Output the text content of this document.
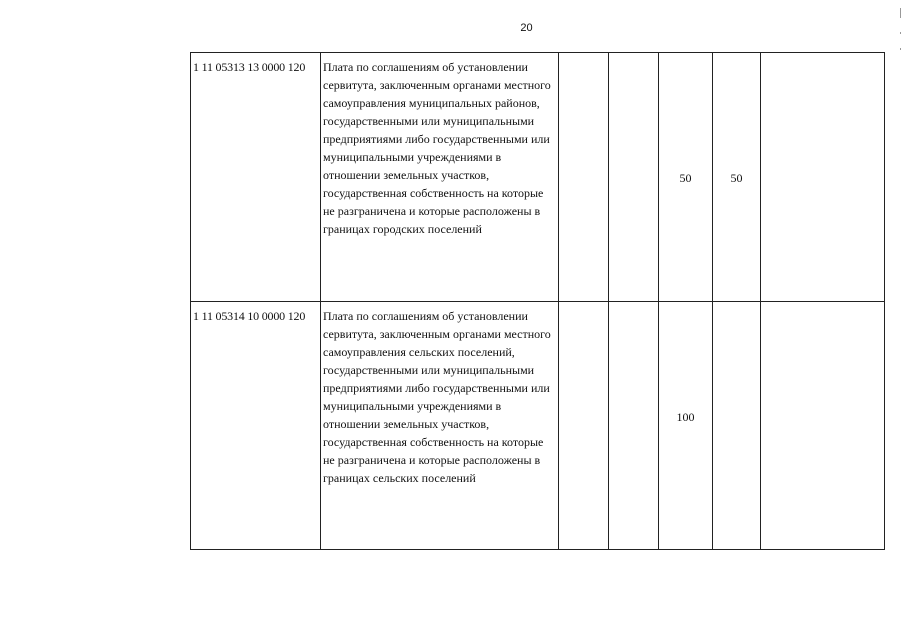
20
1 11 05313 13 0000 120	Плата по соглашениям об установлении сервитута, заключенным органами местного самоуправления муниципальных районов, государственными или муниципальными предприятиями либо государственными или муниципальными учреждениями в отношении земельных участков, государственная собственность на которые не разграничена и которые расположены в границах городских поселений			50	50	
1 11 05314 10 0000 120	Плата по соглашениям об установлении сервитута, заключенным органами местного самоуправления сельских поселений, государственными или муниципальными предприятиями либо государственными или муниципальными учреждениями в отношении земельных участков, государственная собственность на которые не разграничена и которые расположены в границах сельских поселений			100		
